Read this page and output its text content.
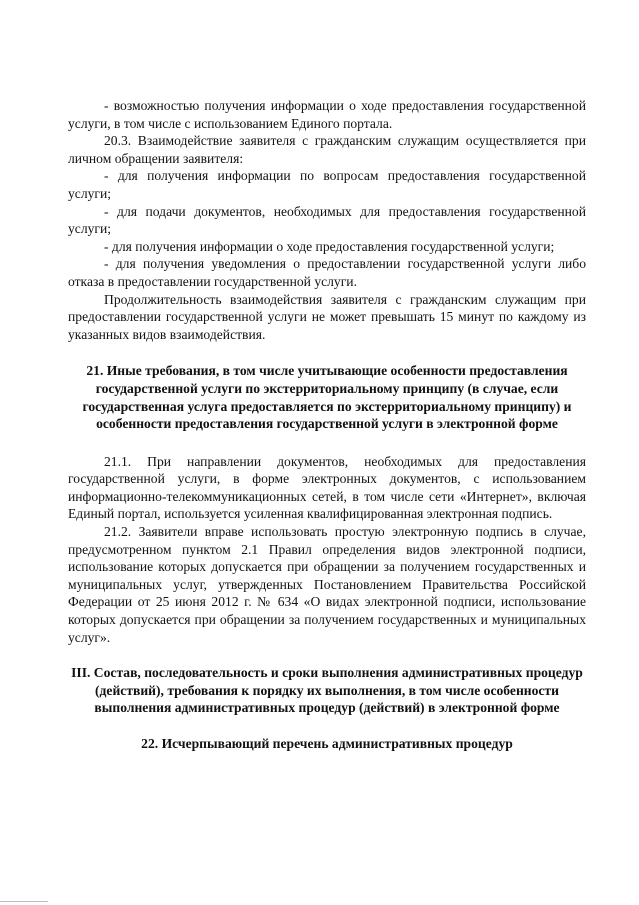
- возможностью получения информации о ходе предоставления государственной услуги, в том числе с использованием Единого портала.

20.3. Взаимодействие заявителя с гражданским служащим осуществляется при личном обращении заявителя:

- для получения информации по вопросам предоставления государственной услуги;

- для подачи документов, необходимых для предоставления государственной услуги;

- для получения информации о ходе предоставления государственной услуги;

- для получения уведомления о предоставлении государственной услуги либо отказа в предоставлении государственной услуги.

Продолжительность взаимодействия заявителя с гражданским служащим при предоставлении государственной услуги не может превышать 15 минут по каждому из указанных видов взаимодействия.

21. Иные требования, в том числе учитывающие особенности предоставления государственной услуги по экстерриториальному принципу (в случае, если государственная услуга предоставляется по экстерриториальному принципу) и особенности предоставления государственной услуги в электронной форме

21.1. При направлении документов, необходимых для предоставления государственной услуги, в форме электронных документов, с использованием информационно-телекоммуникационных сетей, в том числе сети «Интернет», включая Единый портал, используется усиленная квалифицированная электронная подпись.

21.2. Заявители вправе использовать простую электронную подпись в случае, предусмотренном пунктом 2.1 Правил определения видов электронной подписи, использование которых допускается при обращении за получением государственных и муниципальных услуг, утвержденных Постановлением Правительства Российской Федерации от 25 июня 2012 г. № 634 «О видах электронной подписи, использование которых допускается при обращении за получением государственных и муниципальных услуг».

III. Состав, последовательность и сроки выполнения административных процедур (действий), требования к порядку их выполнения, в том числе особенности выполнения административных процедур (действий) в электронной форме

22. Исчерпывающий перечень административных процедур
